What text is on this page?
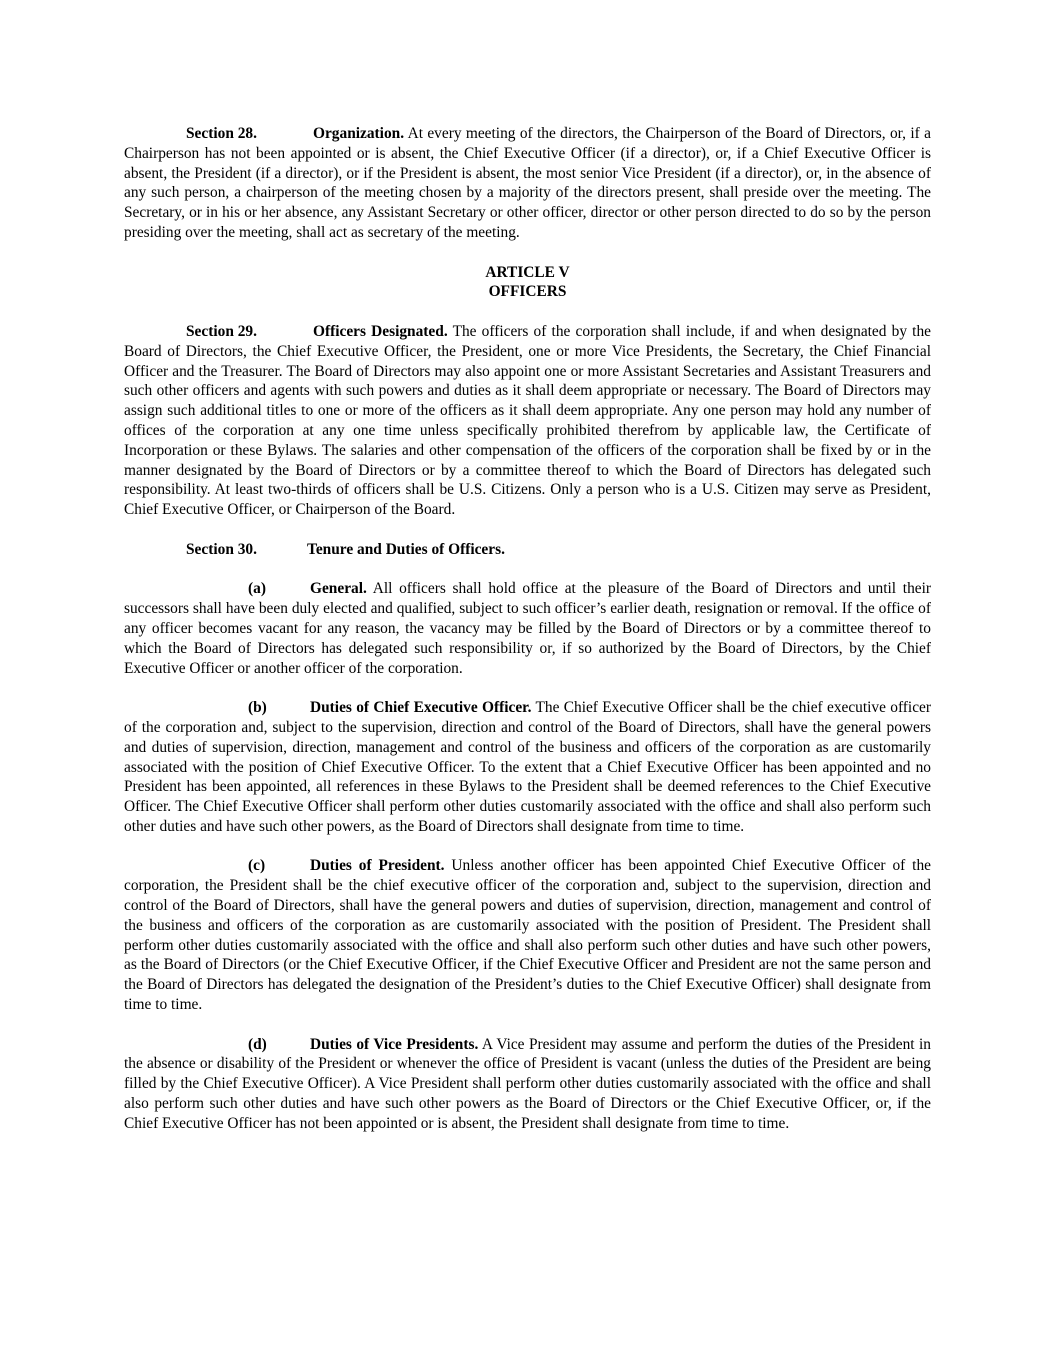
Section 28.	Organization. At every meeting of the directors, the Chairperson of the Board of Directors, or, if a Chairperson has not been appointed or is absent, the Chief Executive Officer (if a director), or, if a Chief Executive Officer is absent, the President (if a director), or if the President is absent, the most senior Vice President (if a director), or, in the absence of any such person, a chairperson of the meeting chosen by a majority of the directors present, shall preside over the meeting. The Secretary, or in his or her absence, any Assistant Secretary or other officer, director or other person directed to do so by the person presiding over the meeting, shall act as secretary of the meeting.

ARTICLE V
OFFICERS

Section 29.	Officers Designated. The officers of the corporation shall include, if and when designated by the Board of Directors, the Chief Executive Officer, the President, one or more Vice Presidents, the Secretary, the Chief Financial Officer and the Treasurer. The Board of Directors may also appoint one or more Assistant Secretaries and Assistant Treasurers and such other officers and agents with such powers and duties as it shall deem appropriate or necessary. The Board of Directors may assign such additional titles to one or more of the officers as it shall deem appropriate. Any one person may hold any number of offices of the corporation at any one time unless specifically prohibited therefrom by applicable law, the Certificate of Incorporation or these Bylaws. The salaries and other compensation of the officers of the corporation shall be fixed by or in the manner designated by the Board of Directors or by a committee thereof to which the Board of Directors has delegated such responsibility. At least two-thirds of officers shall be U.S. Citizens. Only a person who is a U.S. Citizen may serve as President, Chief Executive Officer, or Chairperson of the Board.

Section 30.	Tenure and Duties of Officers.

(a)	General. All officers shall hold office at the pleasure of the Board of Directors and until their successors shall have been duly elected and qualified, subject to such officer’s earlier death, resignation or removal. If the office of any officer becomes vacant for any reason, the vacancy may be filled by the Board of Directors or by a committee thereof to which the Board of Directors has delegated such responsibility or, if so authorized by the Board of Directors, by the Chief Executive Officer or another officer of the corporation.

(b)	Duties of Chief Executive Officer. The Chief Executive Officer shall be the chief executive officer of the corporation and, subject to the supervision, direction and control of the Board of Directors, shall have the general powers and duties of supervision, direction, management and control of the business and officers of the corporation as are customarily associated with the position of Chief Executive Officer. To the extent that a Chief Executive Officer has been appointed and no President has been appointed, all references in these Bylaws to the President shall be deemed references to the Chief Executive Officer. The Chief Executive Officer shall perform other duties customarily associated with the office and shall also perform such other duties and have such other powers, as the Board of Directors shall designate from time to time.

(c)	Duties of President. Unless another officer has been appointed Chief Executive Officer of the corporation, the President shall be the chief executive officer of the corporation and, subject to the supervision, direction and control of the Board of Directors, shall have the general powers and duties of supervision, direction, management and control of the business and officers of the corporation as are customarily associated with the position of President. The President shall perform other duties customarily associated with the office and shall also perform such other duties and have such other powers, as the Board of Directors (or the Chief Executive Officer, if the Chief Executive Officer and President are not the same person and the Board of Directors has delegated the designation of the President’s duties to the Chief Executive Officer) shall designate from time to time.

(d)	Duties of Vice Presidents. A Vice President may assume and perform the duties of the President in the absence or disability of the President or whenever the office of President is vacant (unless the duties of the President are being filled by the Chief Executive Officer). A Vice President shall perform other duties customarily associated with the office and shall also perform such other duties and have such other powers as the Board of Directors or the Chief Executive Officer, or, if the Chief Executive Officer has not been appointed or is absent, the President shall designate from time to time.
